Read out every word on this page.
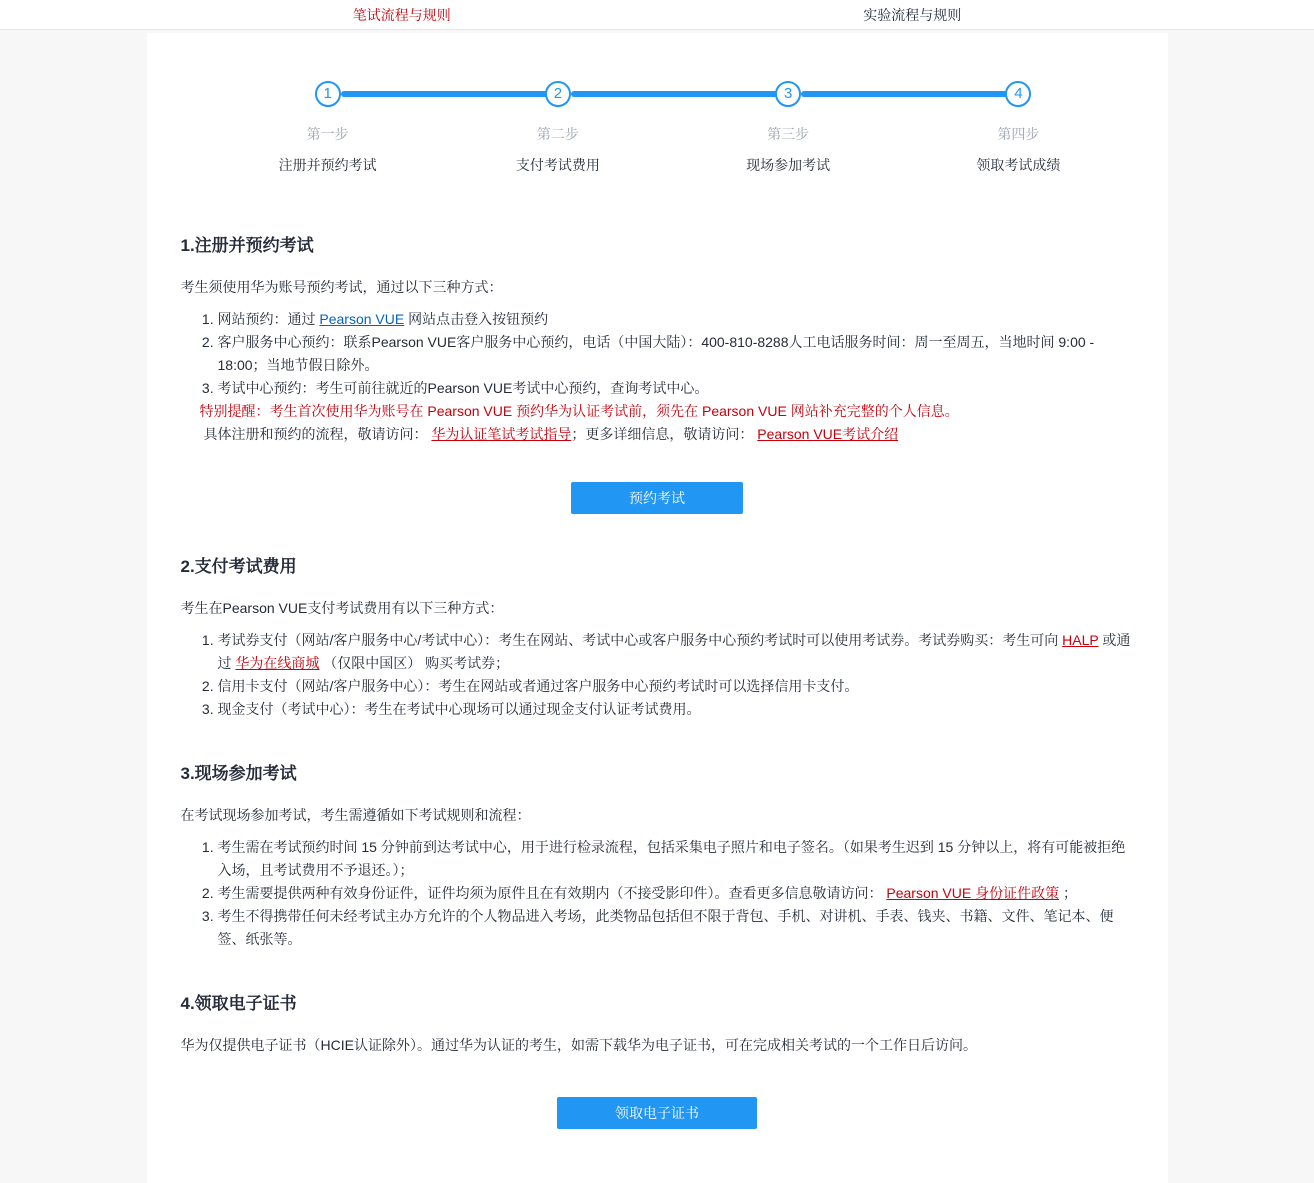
笔试流程与规则	实验流程与规则
1
第一步
注册并预约考试
2
第二步
支付考试费用
3
第三步
现场参加考试
4
第四步
领取考试成绩
1.注册并预约考试

考生须使用华为账号预约考试，通过以下三种方式：

1. 网站预约：通过 Pearson VUE 网站点击登入按钮预约
2. 客户服务中心预约：联系Pearson VUE客户服务中心预约，电话（中国大陆）：400-810-8288人工电话服务时间：周一至周五，当地时间 9:00 - 18:00；当地节假日除外。
3. 考试中心预约：考生可前往就近的Pearson VUE考试中心预约，查询考试中心。

特别提醒：考生首次使用华为账号在 Pearson VUE 预约华为认证考试前，须先在 Pearson VUE 网站补充完整的个人信息。

具体注册和预约的流程，敬请访问： 华为认证笔试考试指导；更多详细信息，敬请访问： Pearson VUE考试介绍

预约考试
2.支付考试费用

考生在Pearson VUE支付考试费用有以下三种方式：

1. 考试券支付（网站/客户服务中心/考试中心）：考生在网站、考试中心或客户服务中心预约考试时可以使用考试券。考试券购买：考生可向 HALP 或通过 华为在线商城 （仅限中国区） 购买考试券；
2. 信用卡支付（网站/客户服务中心）：考生在网站或者通过客户服务中心预约考试时可以选择信用卡支付。
3. 现金支付（考试中心）：考生在考试中心现场可以通过现金支付认证考试费用。
3.现场参加考试

在考试现场参加考试，考生需遵循如下考试规则和流程：

1. 考生需在考试预约时间 15 分钟前到达考试中心，用于进行检录流程，包括采集电子照片和电子签名。（如果考生迟到 15 分钟以上，将有可能被拒绝入场，且考试费用不予退还。）；
2. 考生需要提供两种有效身份证件，证件均须为原件且在有效期内（不接受影印件）。查看更多信息敬请访问： Pearson VUE 身份证件政策 ；
3. 考生不得携带任何未经考试主办方允许的个人物品进入考场，此类物品包括但不限于背包、手机、对讲机、手表、钱夹、书籍、文件、笔记本、便签、纸张等。
4.领取电子证书

华为仅提供电子证书（HCIE认证除外）。通过华为认证的考生，如需下载华为电子证书，可在完成相关考试的一个工作日后访问。

领取电子证书
